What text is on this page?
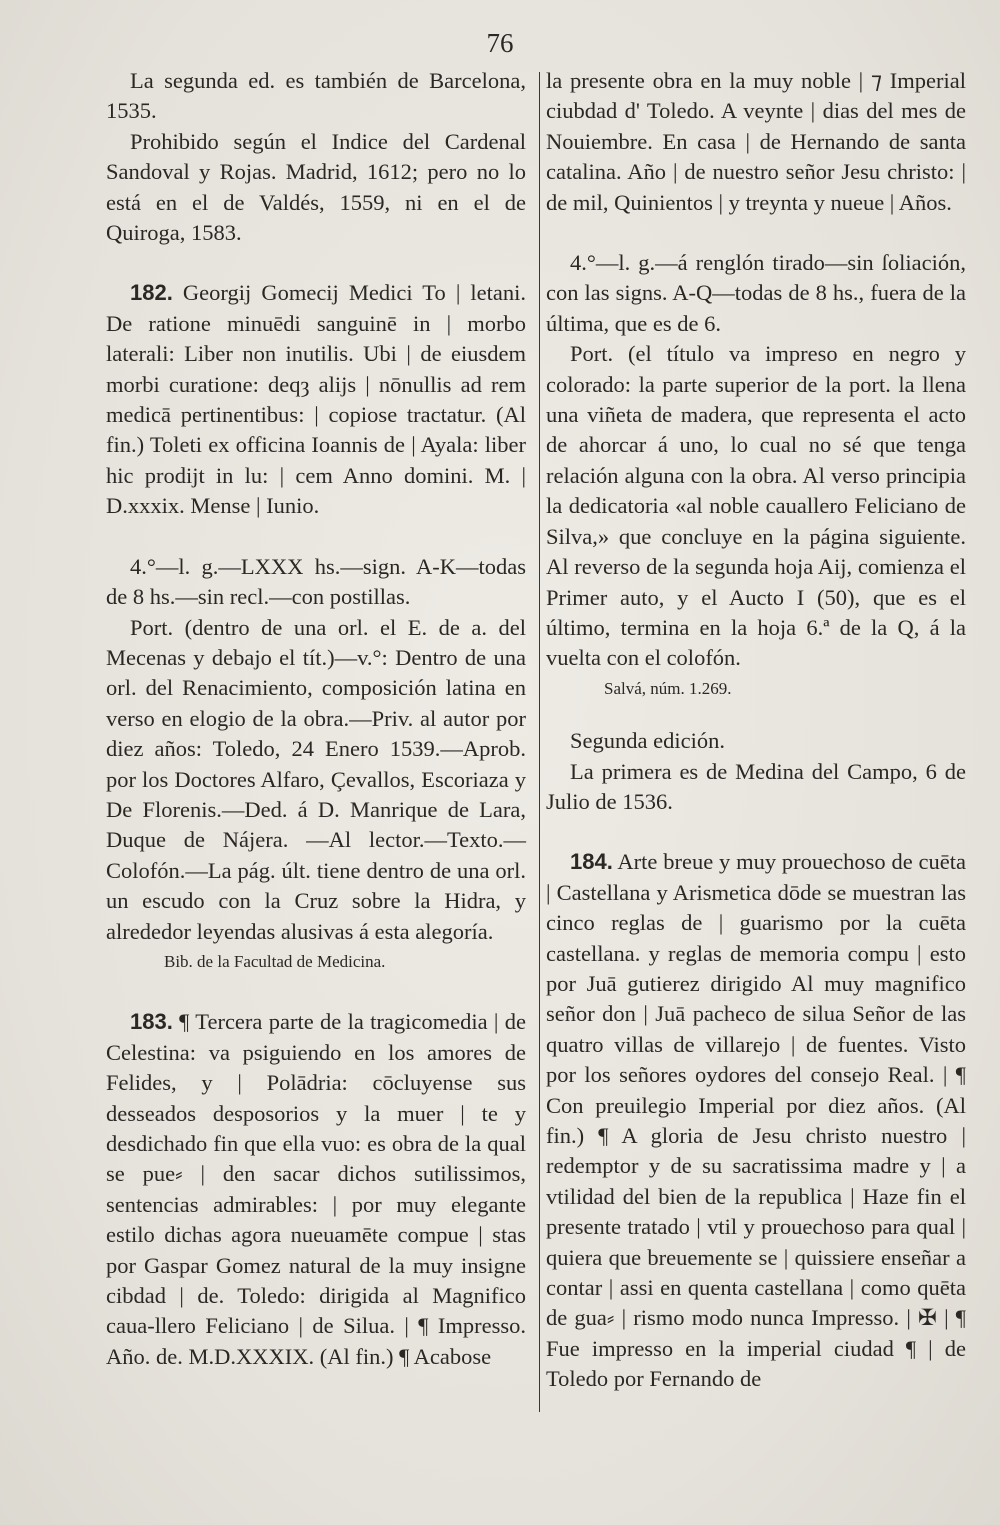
76

La segunda ed. es también de Barcelona, 1535.

Prohibido según el Indice del Cardenal Sandoval y Rojas. Madrid, 1612; pero no lo está en el de Valdés, 1559, ni en el de Quiroga, 1583.

182. Georgij Gomecij Medici To | letani. De ratione minuēdi sanguinē in | morbo laterali: Liber non inutilis. Ubi | de eiusdem morbi curatione: deqȝ alijs | nōnullis ad rem medicā pertinentibus: | copiose tractatur. (Al fin.) Toleti ex officina Ioannis de | Ayala: liber hic prodijt in lu: | cem Anno domini. M. | D.xxxix. Mense | Iunio.

4.°—l. g.—LXXX hs.—sign. A-K—todas de 8 hs.—sin recl.—con postillas.

Port. (dentro de una orl. el E. de a. del Mecenas y debajo el tít.)—v.°: Dentro de una orl. del Renacimiento, composición latina en verso en elogio de la obra.—Priv. al autor por diez años: Toledo, 24 Enero 1539.—Aprob. por los Doctores Alfaro, Çevallos, Escoriaza y De Florenis.—Ded. á D. Manrique de Lara, Duque de Nájera. —Al lector.—Texto.—Colofón.—La pág. últ. tiene dentro de una orl. un escudo con la Cruz sobre la Hidra, y alrededor leyendas alusivas á esta alegoría.

Bib. de la Facultad de Medicina.

183. ¶ Tercera parte de la tragicomedia | de Celestina: va psiguiendo en los amores de Felides, y | Polādria: cōcluyense sus desseados desposorios y la muer | te y desdichado fin que ella vuo: es obra de la qual se pue⸗ | den sacar dichos sutilissimos, sentencias admirables: | por muy elegante estilo dichas agora nueuamēte compue | stas por Gaspar Gomez natural de la muy insigne cibdad | de. Toledo: dirigida al Magnifico caua-llero Feliciano | de Silua. | ¶ Impresso. Año. de. M.D.XXXIX. (Al fin.) ¶ Acabose

la presente obra en la muy noble | ⁊ Imperial ciubdad d' Toledo. A veynte | dias del mes de Nouiembre. En casa | de Hernando de santa catalina. Año | de nuestro señor Jesu christo: | de mil, Quinientos | y treynta y nueue | Años.

4.°—l. g.—á renglón tirado—sin ſoliación, con las signs. A-Q—todas de 8 hs., fuera de la última, que es de 6.

Port. (el título va impreso en negro y colorado: la parte superior de la port. la llena una viñeta de madera, que representa el acto de ahorcar á uno, lo cual no sé que tenga relación alguna con la obra. Al verso principia la dedicatoria «al noble cauallero Feliciano de Silva,» que concluye en la página siguiente. Al reverso de la segunda hoja Aij, comienza el Primer auto, y el Aucto I (50), que es el último, termina en la hoja 6.ª de la Q, á la vuelta con el colofón.

Salvá, núm. 1.269.

Segunda edición.

La primera es de Medina del Campo, 6 de Julio de 1536.

184. Arte breue y muy prouechoso de cuēta | Castellana y Arismetica dōde se muestran las cinco reglas de | guarismo por la cuēta castellana. y reglas de memoria compu | esto por Juā gutierez dirigido Al muy magnifico señor don | Juā pacheco de silua Señor de las quatro villas de villarejo | de fuentes. Visto por los señores oydores del consejo Real. | ¶ Con preuilegio Imperial por diez años. (Al fin.) ¶ A gloria de Jesu christo nuestro | redemptor y de su sacratissima madre y | a vtilidad del bien de la republica | Haze fin el presente tratado | vtil y prouechoso para qual | quiera que breuemente se | quissiere enseñar a contar | assi en quenta castellana | como quēta de gua⸗ | rismo modo nunca Impresso. | ✠ | ¶ Fue impresso en la imperial ciudad ¶ | de Toledo por Fernando de
